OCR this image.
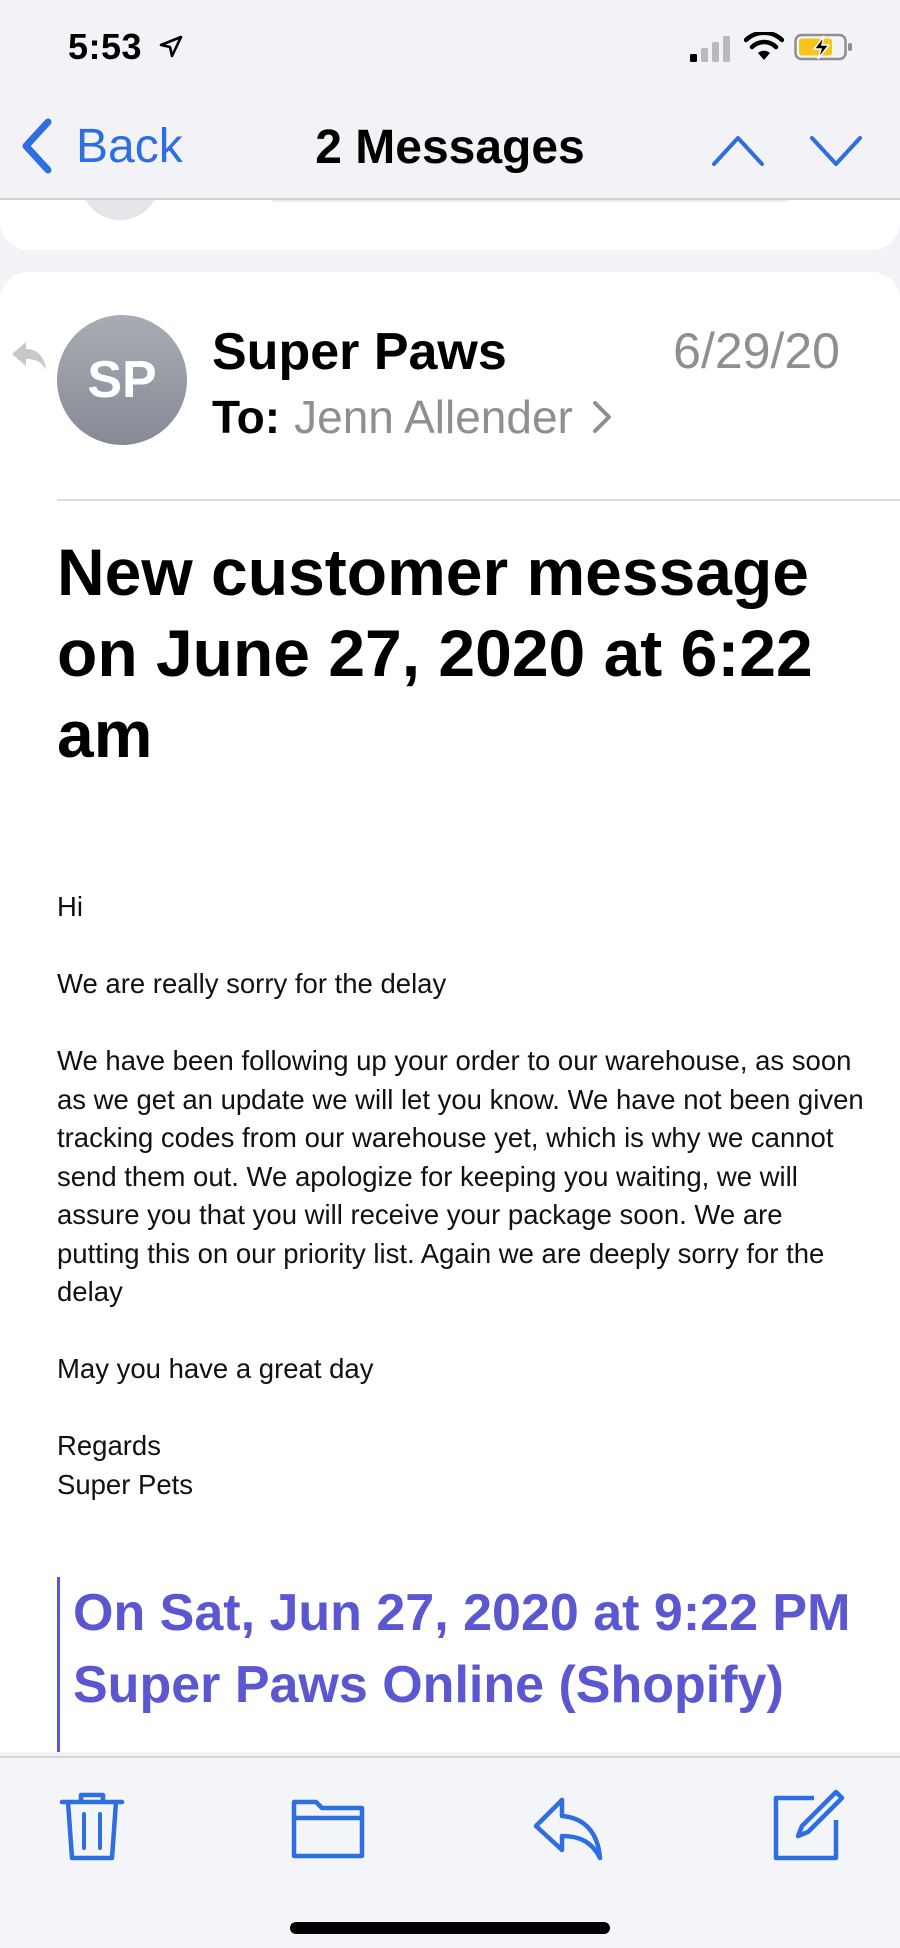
5:53
Back	2 Messages
SP	Super Paws	6/29/20
To: Jenn Allender
New customer message on June 27, 2020 at 6:22 am

Hi

We are really sorry for the delay

We have been following up your order to our warehouse, as soon as we get an update we will let you know. We have not been given tracking codes from our warehouse yet, which is why we cannot send them out. We apologize for keeping you waiting, we will assure you that you will receive your package soon. We are putting this on our priority list. Again we are deeply sorry for the delay

May you have a great day

Regards

Super Pets

On Sat, Jun 27, 2020 at 9:22 PM Super Paws Online (Shopify)
